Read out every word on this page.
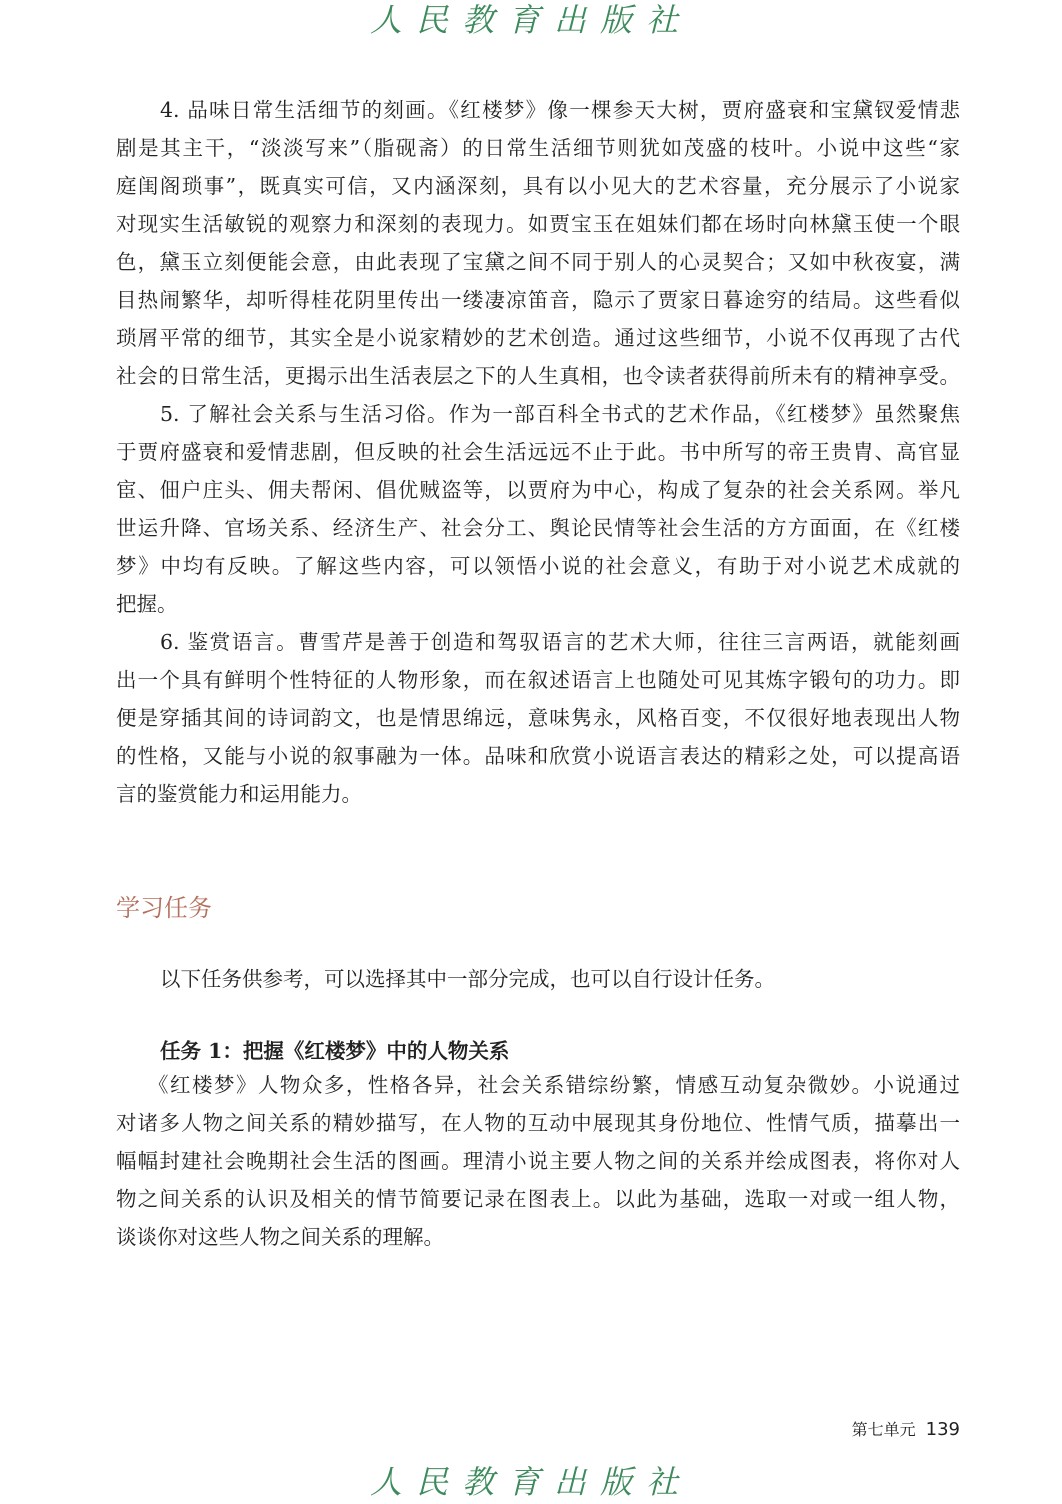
人民教育出版社
4. 品味日常生活细节的刻画。《红楼梦》像一棵参天大树，贾府盛衰和宝黛钗爱情悲
剧是其主干，“淡淡写来”（脂砚斋）的日常生活细节则犹如茂盛的枝叶。小说中这些“家
庭闺阁琐事”，既真实可信，又内涵深刻，具有以小见大的艺术容量，充分展示了小说家
对现实生活敏锐的观察力和深刻的表现力。如贾宝玉在姐妹们都在场时向林黛玉使一个眼
色，黛玉立刻便能会意，由此表现了宝黛之间不同于别人的心灵契合；又如中秋夜宴，满
目热闹繁华，却听得桂花阴里传出一缕凄凉笛音，隐示了贾家日暮途穷的结局。这些看似
琐屑平常的细节，其实全是小说家精妙的艺术创造。通过这些细节，小说不仅再现了古代
社会的日常生活，更揭示出生活表层之下的人生真相，也令读者获得前所未有的精神享受。
5. 了解社会关系与生活习俗。作为一部百科全书式的艺术作品，《红楼梦》虽然聚焦
于贾府盛衰和爱情悲剧，但反映的社会生活远远不止于此。书中所写的帝王贵胄、高官显
宦、佃户庄头、佣夫帮闲、倡优贼盗等，以贾府为中心，构成了复杂的社会关系网。举凡
世运升降、官场关系、经济生产、社会分工、舆论民情等社会生活的方方面面，在《红楼
梦》中均有反映。了解这些内容，可以领悟小说的社会意义，有助于对小说艺术成就的
把握。
6. 鉴赏语言。曹雪芹是善于创造和驾驭语言的艺术大师，往往三言两语，就能刻画
出一个具有鲜明个性特征的人物形象，而在叙述语言上也随处可见其炼字锻句的功力。即
便是穿插其间的诗词韵文，也是情思绵远，意味隽永，风格百变，不仅很好地表现出人物
的性格，又能与小说的叙事融为一体。品味和欣赏小说语言表达的精彩之处，可以提高语
言的鉴赏能力和运用能力。
学习任务
以下任务供参考，可以选择其中一部分完成，也可以自行设计任务。
任务 1：把握《红楼梦》中的人物关系
《红楼梦》人物众多，性格各异，社会关系错综纷繁，情感互动复杂微妙。小说通过
对诸多人物之间关系的精妙描写，在人物的互动中展现其身份地位、性情气质，描摹出一
幅幅封建社会晚期社会生活的图画。理清小说主要人物之间的关系并绘成图表，将你对人
物之间关系的认识及相关的情节简要记录在图表上。以此为基础，选取一对或一组人物，
谈谈你对这些人物之间关系的理解。
第七单元 139
人民教育出版社
